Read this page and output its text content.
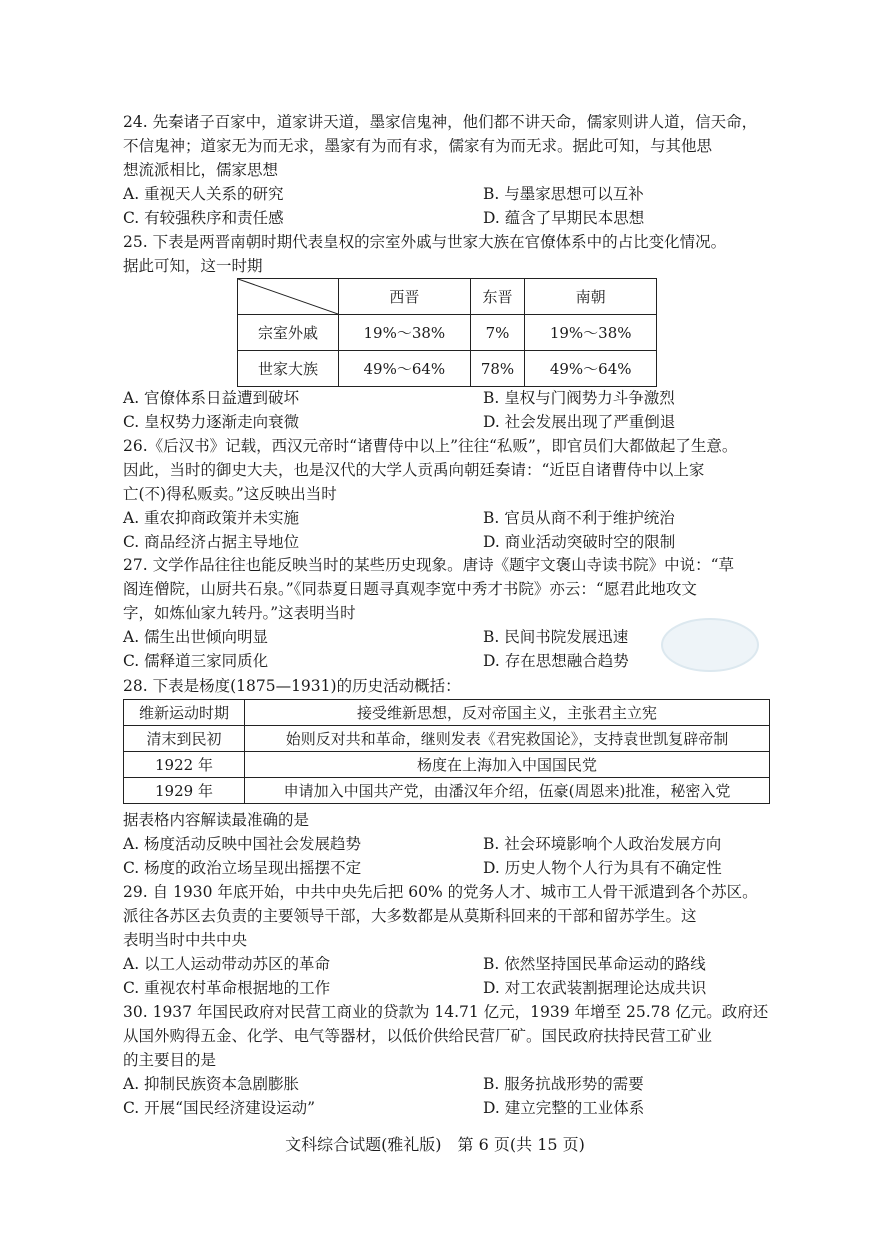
24. 先秦诸子百家中，道家讲天道，墨家信鬼神，他们都不讲天命，儒家则讲人道，信天命，
不信鬼神；道家无为而无求，墨家有为而有求，儒家有为而无求。据此可知，与其他思
想流派相比，儒家思想
A. 重视天人关系的研究	B. 与墨家思想可以互补
C. 有较强秩序和责任感	D. 蕴含了早期民本思想
25. 下表是两晋南朝时期代表皇权的宗室外戚与世家大族在官僚体系中的占比变化情况。
据此可知，这一时期
	西晋	东晋	南朝
宗室外戚	19%～38%	7%	19%～38%
世家大族	49%～64%	78%	49%～64%
A. 官僚体系日益遭到破坏	B. 皇权与门阀势力斗争激烈
C. 皇权势力逐渐走向衰微	D. 社会发展出现了严重倒退
26.《后汉书》记载，西汉元帝时“诸曹侍中以上”往往“私贩”，即官员们大都做起了生意。
因此，当时的御史大夫，也是汉代的大学人贡禹向朝廷奏请：“近臣自诸曹侍中以上家
亡(不)得私贩卖。”这反映出当时
A. 重农抑商政策并未实施	B. 官员从商不利于维护统治
C. 商品经济占据主导地位	D. 商业活动突破时空的限制
27. 文学作品往往也能反映当时的某些历史现象。唐诗《题宇文褒山寺读书院》中说：“草
阁连僧院，山厨共石泉。”《同恭夏日题寻真观李宽中秀才书院》亦云：“愿君此地攻文
字，如炼仙家九转丹。”这表明当时
A. 儒生出世倾向明显	B. 民间书院发展迅速
C. 儒释道三家同质化	D. 存在思想融合趋势
28. 下表是杨度(1875—1931)的历史活动概括：
维新运动时期	接受维新思想，反对帝国主义，主张君主立宪
清末到民初	始则反对共和革命，继则发表《君宪救国论》，支持袁世凯复辟帝制
1922 年	杨度在上海加入中国国民党
1929 年	申请加入中国共产党，由潘汉年介绍，伍豪(周恩来)批准，秘密入党
据表格内容解读最准确的是
A. 杨度活动反映中国社会发展趋势	B. 社会环境影响个人政治发展方向
C. 杨度的政治立场呈现出摇摆不定	D. 历史人物个人行为具有不确定性
29. 自 1930 年底开始，中共中央先后把 60% 的党务人才、城市工人骨干派遣到各个苏区。
派往各苏区去负责的主要领导干部，大多数都是从莫斯科回来的干部和留苏学生。这
表明当时中共中央
A. 以工人运动带动苏区的革命	B. 依然坚持国民革命运动的路线
C. 重视农村革命根据地的工作	D. 对工农武装割据理论达成共识
30. 1937 年国民政府对民营工商业的贷款为 14.71 亿元，1939 年增至 25.78 亿元。政府还
从国外购得五金、化学、电气等器材，以低价供给民营厂矿。国民政府扶持民营工矿业
的主要目的是
A. 抑制民族资本急剧膨胀	B. 服务抗战形势的需要
C. 开展“国民经济建设运动”	D. 建立完整的工业体系
文科综合试题(雅礼版)　第 6 页(共 15 页)
